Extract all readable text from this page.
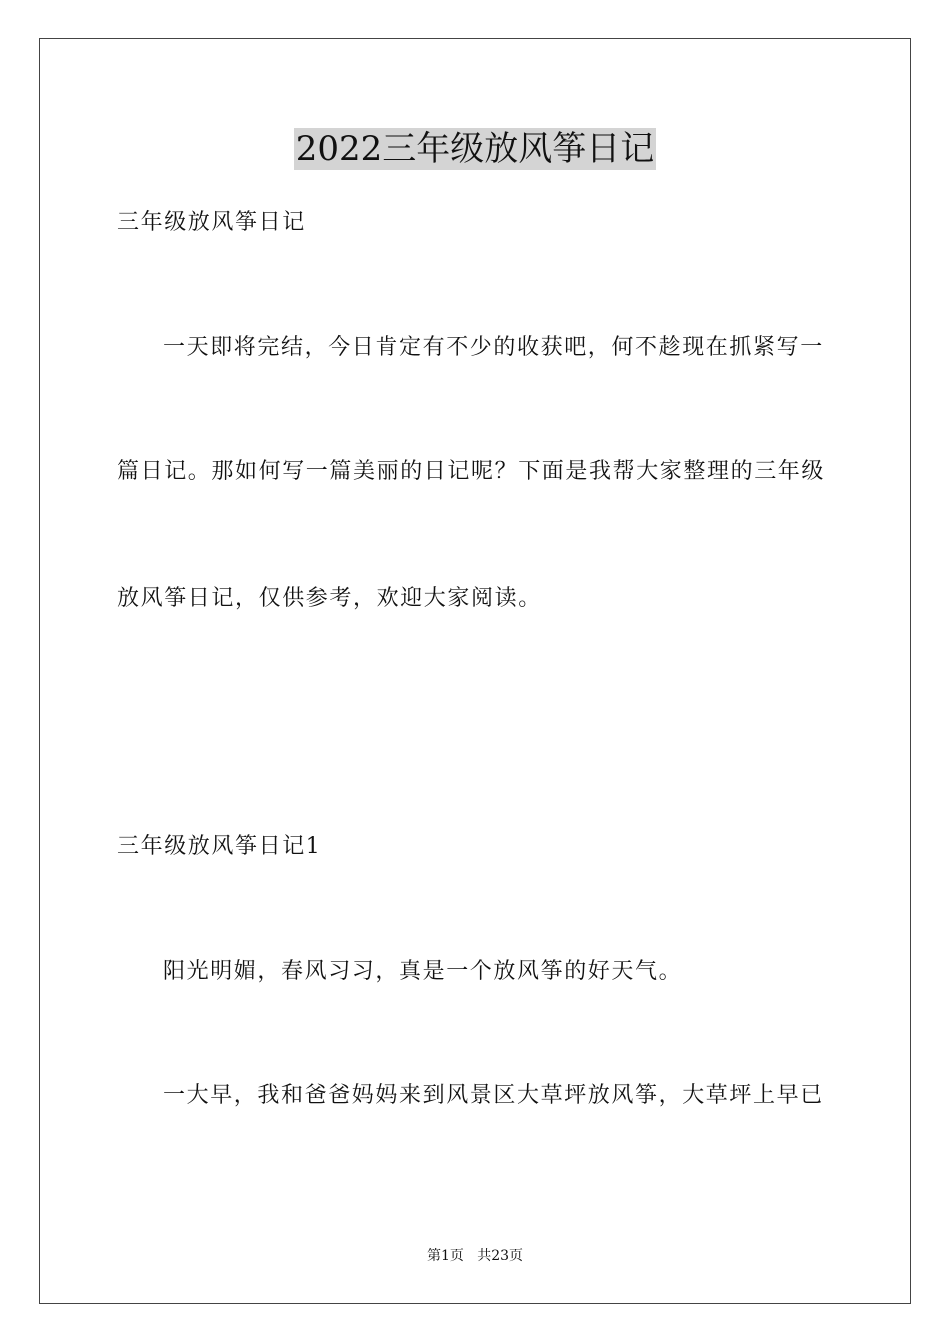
2022三年级放风筝日记
三年级放风筝日记
一天即将完结，今日肯定有不少的收获吧，何不趁现在抓紧写一
篇日记。那如何写一篇美丽的日记呢？下面是我帮大家整理的三年级
放风筝日记，仅供参考，欢迎大家阅读。
三年级放风筝日记1
阳光明媚，春风习习，真是一个放风筝的好天气。
一大早，我和爸爸妈妈来到风景区大草坪放风筝，大草坪上早已
第1页   共23页
